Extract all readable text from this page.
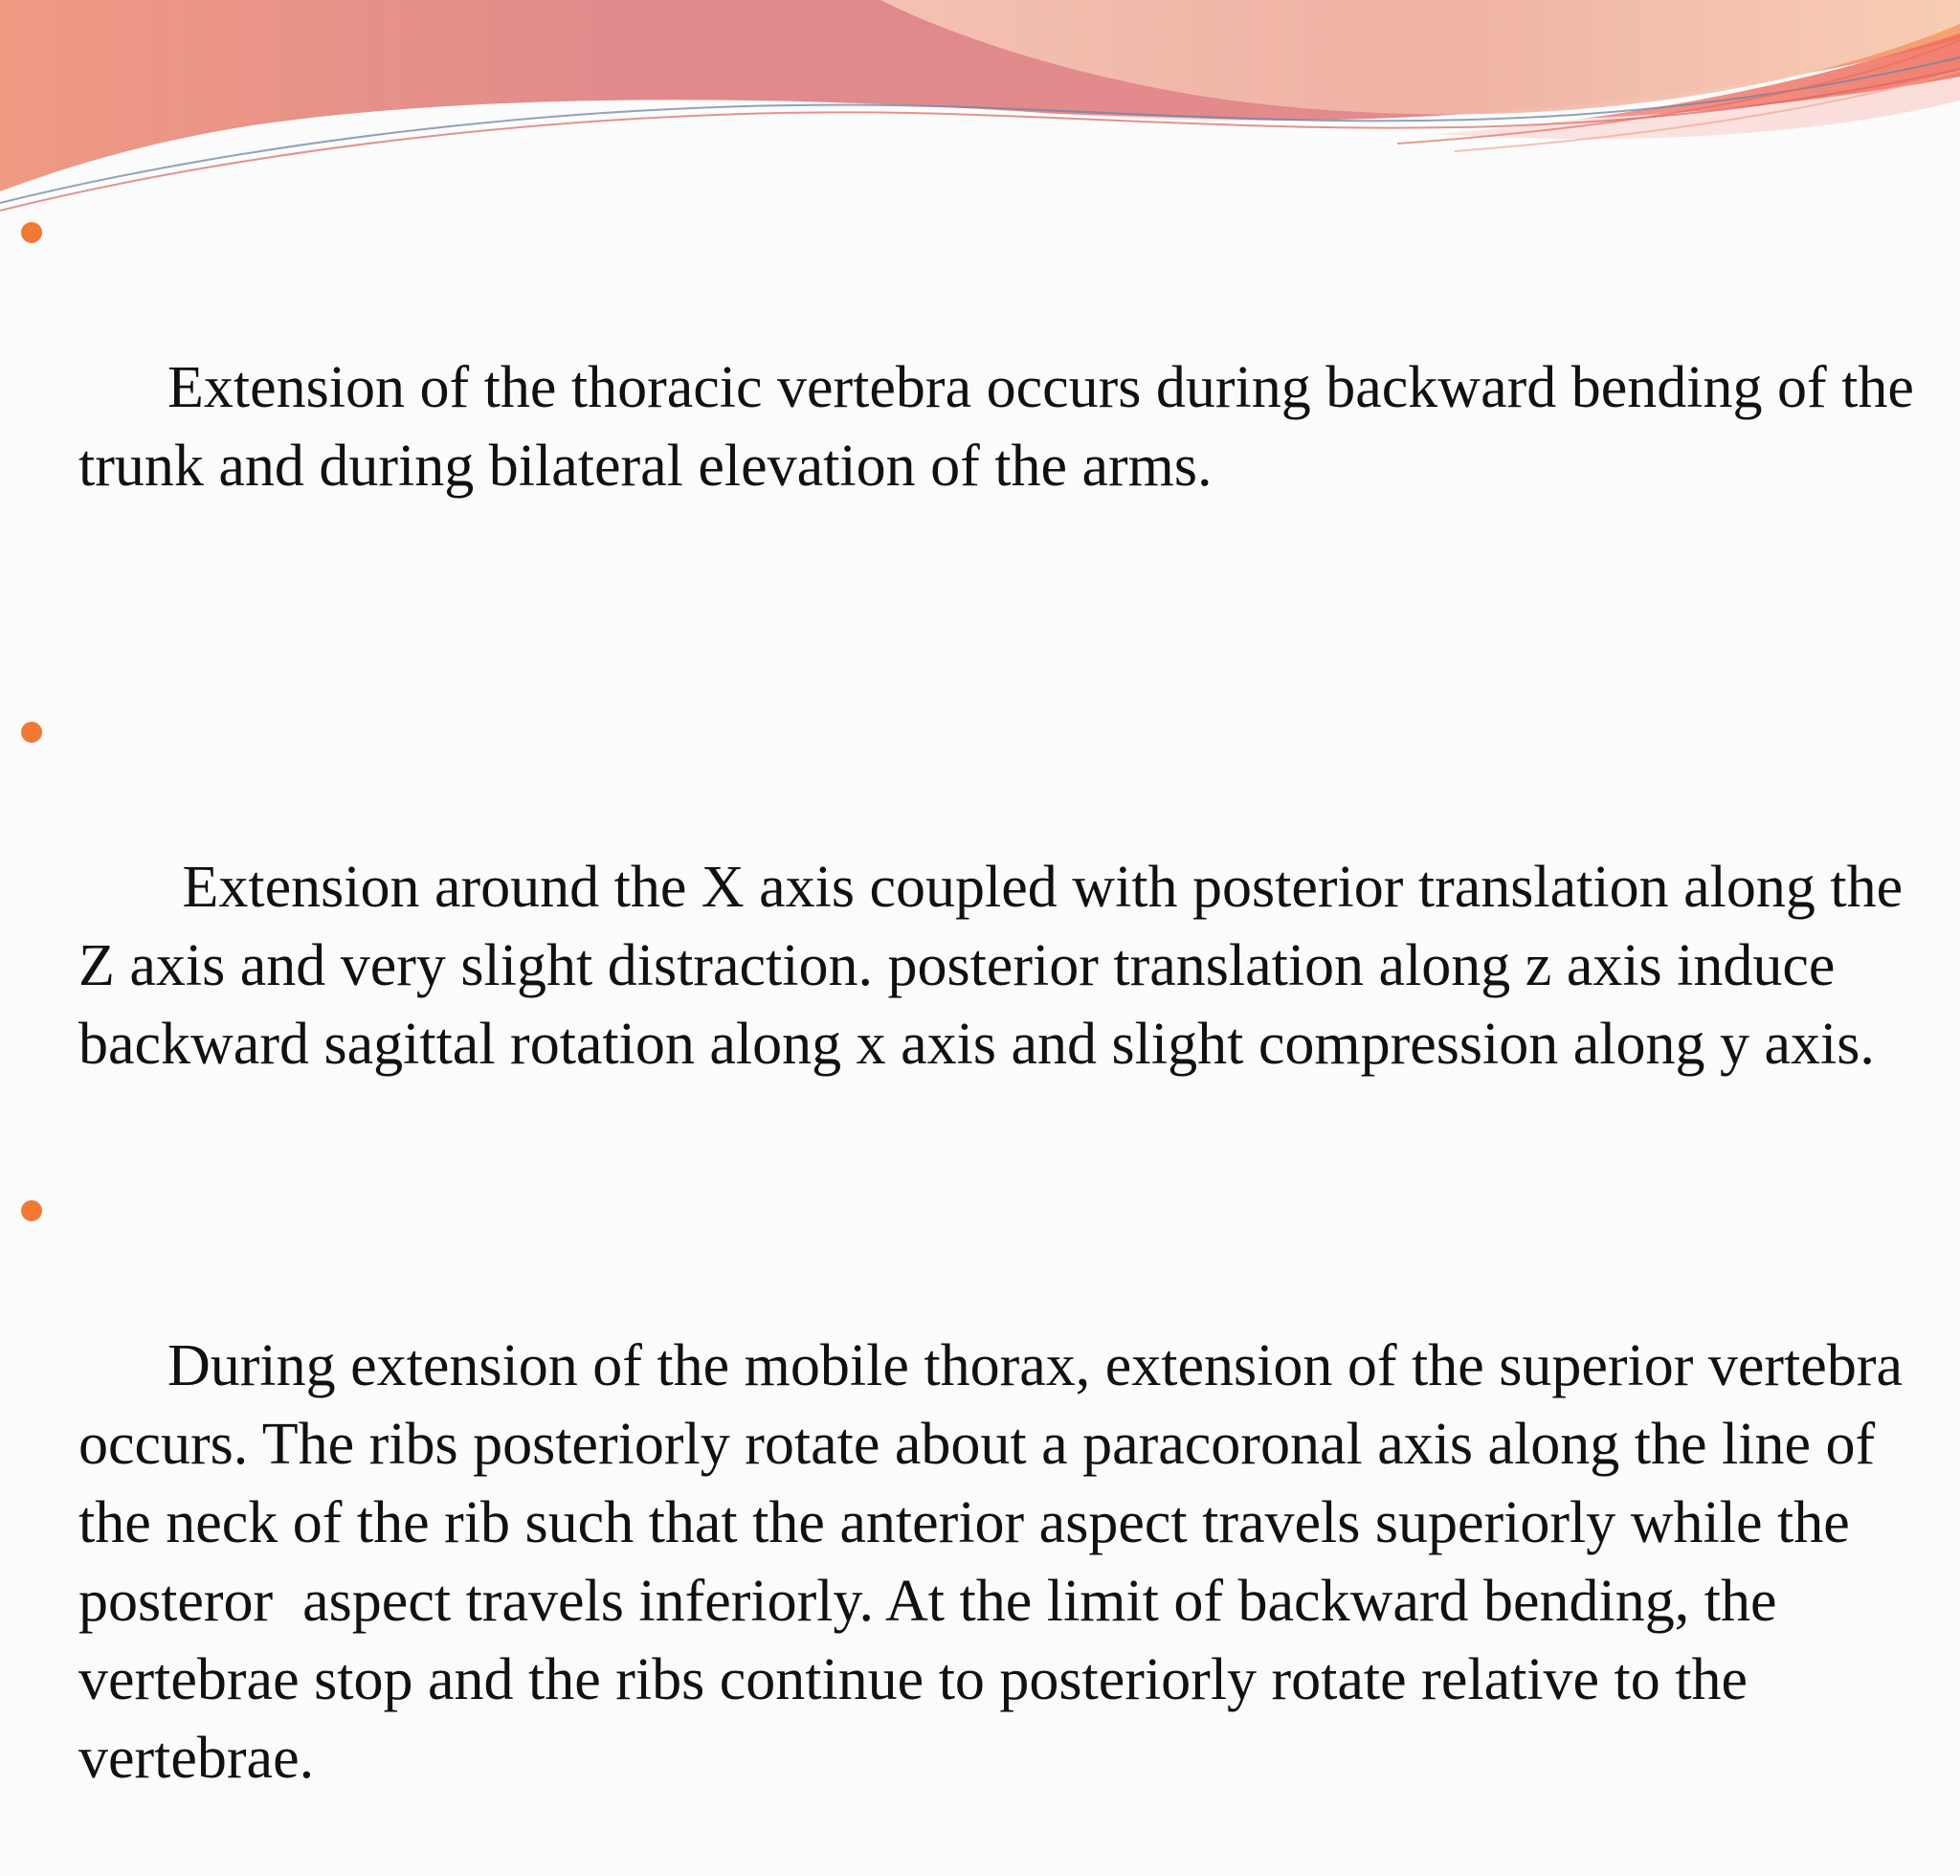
Extension of the thoracic vertebra occurs during backward bending of the trunk and during bilateral elevation of the arms.

Extension around the X axis coupled with posterior translation along the Z axis and very slight distraction. posterior translation along z axis induce backward sagittal rotation along x axis and slight compression along y axis.

During extension of the mobile thorax, extension of the superior vertebra occurs. The ribs posteriorly rotate about a paracoronal axis along the line of the neck of the rib such that the anterior aspect travels superiorly while the posteror  aspect travels inferiorly. At the limit of backward bending, the vertebrae stop and the ribs continue to posteriorly rotate relative to the vertebrae.
